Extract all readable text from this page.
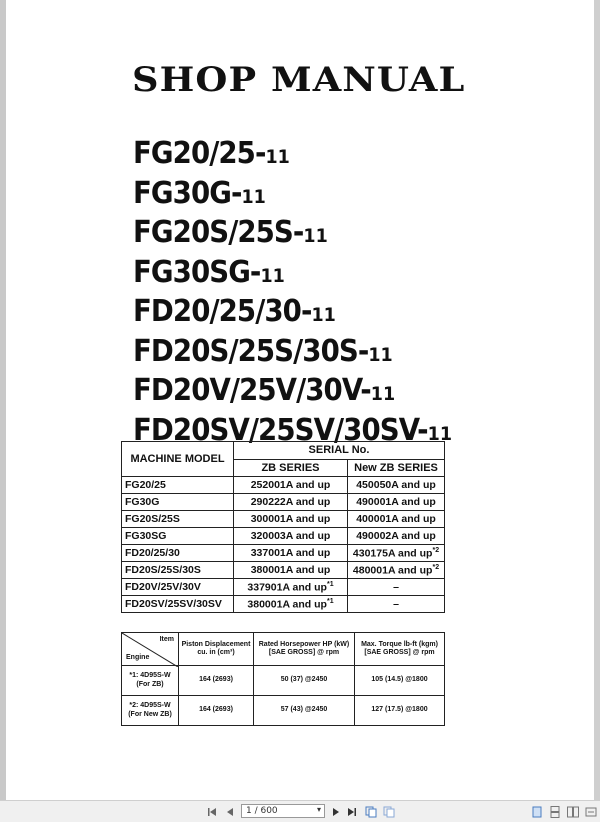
SHOP MANUAL
FG20/25-11
FG30G-11
FG20S/25S-11
FG30SG-11
FD20/25/30-11
FD20S/25S/30S-11
FD20V/25V/30V-11
FD20SV/25SV/30SV-11
MACHINE MODEL	SERIAL No.	
	ZB SERIES	New ZB SERIES
FG20/25	252001A and up	450050A and up
FG30G	290222A and up	490001A and up
FG20S/25S	300001A and up	400001A and up
FG30SG	320003A and up	490002A and up
FD20/25/30	337001A and up	430175A and $up^{*2}$
FD20S/25S/30S	380001A and up	480001A and $up^{*2}$
FD20V/25V/30V	337901A and $up^{*1}$	–
FD20SV/25SV/30SV	380001A and $up^{*1}$	–
Item
Engine	Piston Displacement cu. in (cm³)	Rated Horsepower HP (kW) [SAE GROSS] @ rpm	Max. Torque lb-ft (kgm) [SAE GROSS] @ rpm
*1: 4D95S-W (For ZB)	164 (2693)	50 (37) @2450	105 (14.5) @1800
*2: 4D95S-W (For New ZB)	164 (2693)	57 (43) @2450	127 (17.5) @1800
1 / 600	▾
